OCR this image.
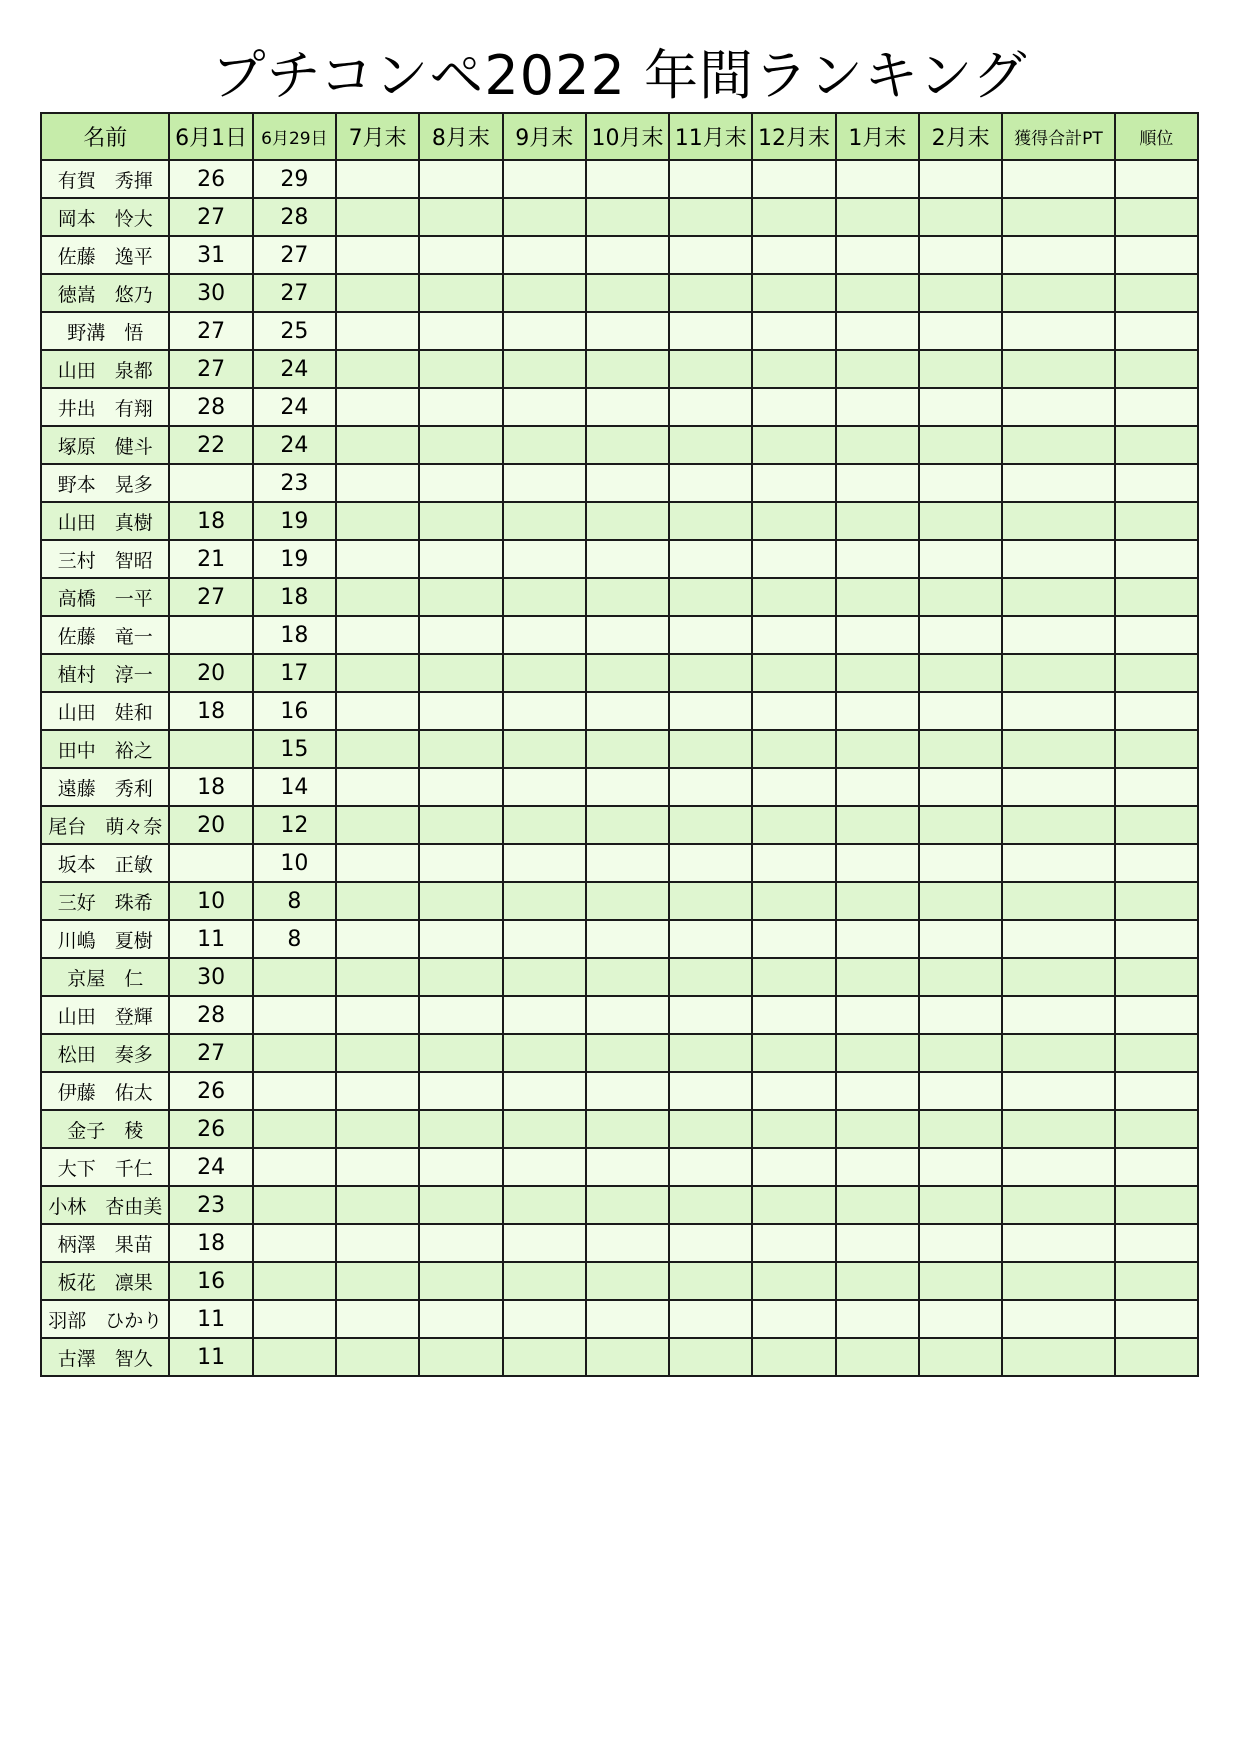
プチコンペ2022 年間ランキング
名前	6月1日	6月29日	7月末	8月末	9月末	10月末	11月末	12月末	1月末	2月末	獲得合計PT	順位
有賀　秀揮	26	29										
岡本　怜大	27	28										
佐藤　逸平	31	27										
徳嵩　悠乃	30	27										
野溝　悟	27	25										
山田　泉都	27	24										
井出　有翔	28	24										
塚原　健斗	22	24										
野本　晃多		23										
山田　真樹	18	19										
三村　智昭	21	19										
高橋　一平	27	18										
佐藤　竜一		18										
植村　淳一	20	17										
山田　娃和	18	16										
田中　裕之		15										
遠藤　秀利	18	14										
尾台　萌々奈	20	12										
坂本　正敏		10										
三好　珠希	10	8										
川嶋　夏樹	11	8										
京屋　仁	30											
山田　登輝	28											
松田　奏多	27											
伊藤　佑太	26											
金子　稜	26											
大下　千仁	24											
小林　杏由美	23											
柄澤　果苗	18											
板花　凛果	16											
羽部　ひかり	11											
古澤　智久	11											
